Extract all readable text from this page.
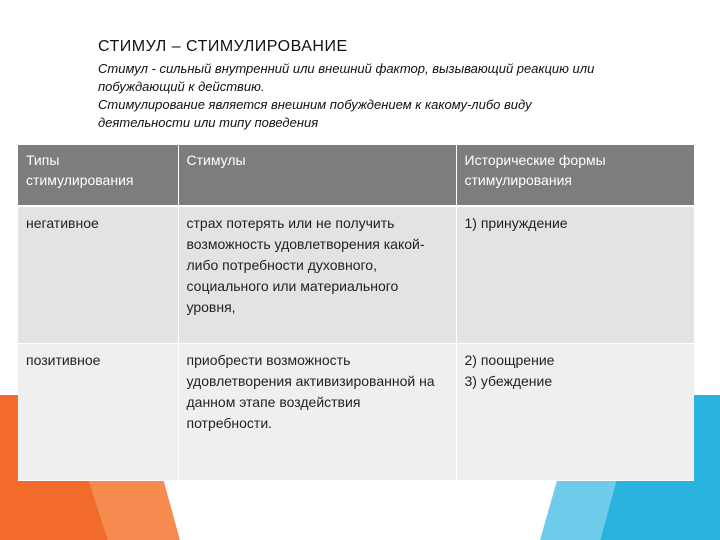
СТИМУЛ – СТИМУЛИРОВАНИЕ
Стимул - сильный внутренний или внешний фактор, вызывающий реакцию или
побуждающий к действию.
Стимулирование является внешним побуждением к какому-либо виду
деятельности или типу поведения
Типы стимулирования	Стимулы	Исторические формы стимулирования
негативное	страх потерять или не получить возможность удовлетворения какой-либо потребности духовного, социального или материального уровня,	1) принуждение

позитивное	приобрести возможность удовлетворения активизированной на данном этапе воздействия потребности.	2) поощрение
3) убеждение
